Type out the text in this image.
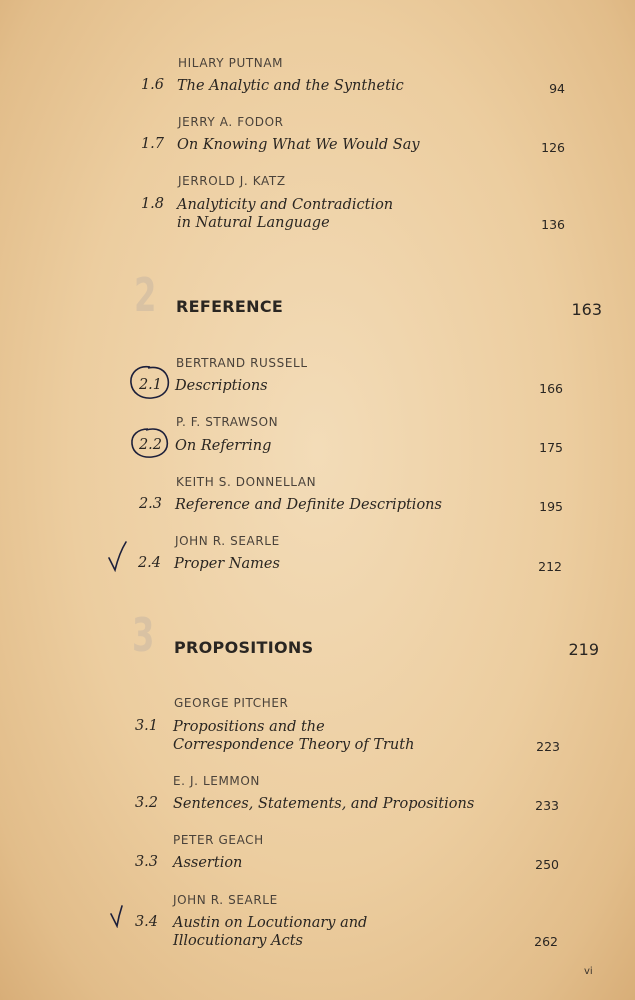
HILARY PUTNAM
1.6 The Analytic and the Synthetic	94
JERRY A. FODOR
1.7 On Knowing What We Would Say	126
JERROLD J. KATZ
1.8 Analyticity and Contradiction
in Natural Language	136
2 REFERENCE	163
BERTRAND RUSSELL
2.1 Descriptions	166
P. F. STRAWSON
2.2 On Referring	175
KEITH S. DONNELLAN
2.3 Reference and Definite Descriptions	195
JOHN R. SEARLE
2.4 Proper Names	212
3 PROPOSITIONS	219
GEORGE PITCHER
3.1 Propositions and the
Correspondence Theory of Truth	223
E. J. LEMMON
3.2 Sentences, Statements, and Propositions	233
PETER GEACH
3.3 Assertion	250
JOHN R. SEARLE
3.4 Austin on Locutionary and
Illocutionary Acts	262
vi
